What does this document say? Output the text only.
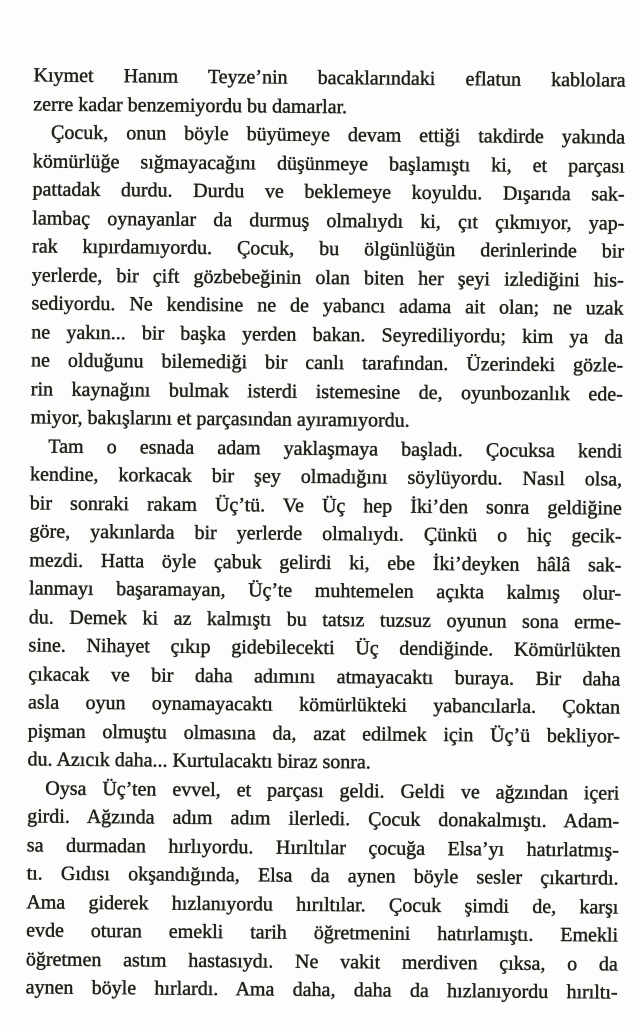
Kıymet Hanım Teyze’nin bacaklarındaki eflatun kablolara
zerre kadar benzemiyordu bu damarlar.

Çocuk, onun böyle büyümeye devam ettiği takdirde yakında
kömürlüğe sığmayacağını düşünmeye başlamıştı ki, et parçası
pattadak durdu. Durdu ve beklemeye koyuldu. Dışarıda sak-
lambaç oynayanlar da durmuş olmalıydı ki, çıt çıkmıyor, yap-
rak kıpırdamıyordu. Çocuk, bu ölgünlüğün derinlerinde bir
yerlerde, bir çift gözbebeğinin olan biten her şeyi izlediğini his-
sediyordu. Ne kendisine ne de yabancı adama ait olan; ne uzak
ne yakın... bir başka yerden bakan. Seyrediliyordu; kim ya da
ne olduğunu bilemediği bir canlı tarafından. Üzerindeki gözle-
rin kaynağını bulmak isterdi istemesine de, oyunbozanlık ede-
miyor, bakışlarını et parçasından ayıramıyordu.

Tam o esnada adam yaklaşmaya başladı. Çocuksa kendi
kendine, korkacak bir şey olmadığını söylüyordu. Nasıl olsa,
bir sonraki rakam Üç’tü. Ve Üç hep İki’den sonra geldiğine
göre, yakınlarda bir yerlerde olmalıydı. Çünkü o hiç gecik-
mezdi. Hatta öyle çabuk gelirdi ki, ebe İki’deyken hâlâ sak-
lanmayı başaramayan, Üç’te muhtemelen açıkta kalmış olur-
du. Demek ki az kalmıştı bu tatsız tuzsuz oyunun sona erme-
sine. Nihayet çıkıp gidebilecekti Üç dendiğinde. Kömürlükten
çıkacak ve bir daha adımını atmayacaktı buraya. Bir daha
asla oyun oynamayacaktı kömürlükteki yabancılarla. Çoktan
pişman olmuştu olmasına da, azat edilmek için Üç’ü bekliyor-
du. Azıcık daha... Kurtulacaktı biraz sonra.

Oysa Üç’ten evvel, et parçası geldi. Geldi ve ağzından içeri
girdi. Ağzında adım adım ilerledi. Çocuk donakalmıştı. Adam-
sa durmadan hırlıyordu. Hırıltılar çocuğa Elsa’yı hatırlatmış-
tı. Gıdısı okşandığında, Elsa da aynen böyle sesler çıkartırdı.
Ama giderek hızlanıyordu hırıltılar. Çocuk şimdi de, karşı
evde oturan emekli tarih öğretmenini hatırlamıştı. Emekli
öğretmen astım hastasıydı. Ne vakit merdiven çıksa, o da
aynen böyle hırlardı. Ama daha, daha da hızlanıyordu hırıltı-
